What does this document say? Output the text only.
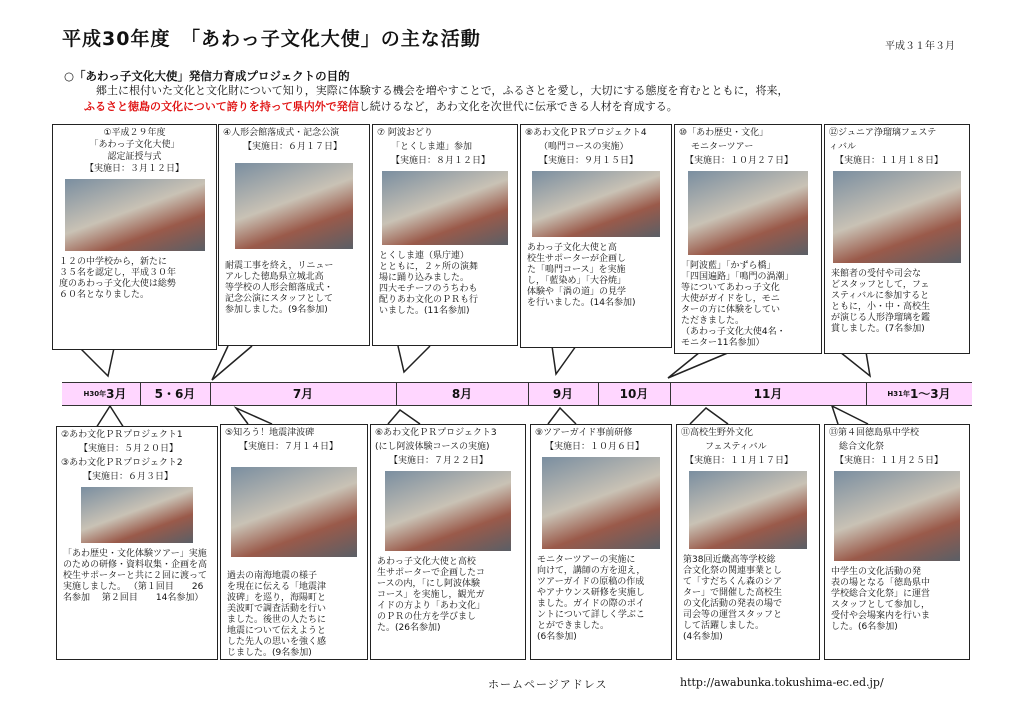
平成30年度　「あわっ子文化大使」の主な活動	平成３１年３月
○「あわっ子文化大使」発信力育成プロジェクトの目的
郷土に根付いた文化と文化財について知り，実際に体験する機会を増やすことで，ふるさとを愛し，大切にする態度を育むとともに，将来，
ふるさと徳島の文化について誇りを持って県内外で発信し続けるなど，あわ文化を次世代に伝承できる人材を育成する。
①平成２９年度
「あわっ子文化大使」
認定証授与式
【実施日：３月１２日】
１２の中学校から，新たに
３５名を認定し，平成３０年
度のあわっ子文化大使は総勢
６０名となりました。
④人形会館落成式・記念公演
【実施日：６月１７日】
耐震工事を終え，リニュー
アルした徳島県立城北高
等学校の人形会館落成式・
記念公演にスタッフとして
参加しました。(9名参加)
⑦ 阿波おどり
「とくしま連」参加
【実施日：８月１２日】
とくしま連（県庁連）
とともに，２ヶ所の演舞
場に踊り込みました。
四大モチーフのうちわも
配りあわ文化のＰＲも行
いました。(11名参加)
⑧あわ文化ＰＲプロジェクト4
（鳴門コースの実施）
【実施日：９月１５日】
あわっ子文化大使と高
校生サポーターが企画し
た「鳴門コース」を実施
し，「藍染め」「大谷焼」
体験や「渦の道」の見学
を行いました。(14名参加)
⑩「あわ歴史・文化」
モニターツアー
【実施日：１０月２７日】
「阿波藍」「かずら橋」
「四国遍路」「鳴門の渦潮」
等についてあわっ子文化
大使がガイドをし，モニ
ターの方に体験をしてい
ただきました。
（あわっ子文化大使4名・
モニター11名参加）
⑫ジュニア浄瑠璃フェステ
ィバル
【実施日：１１月１８日】
来館者の受付や司会な
どスタッフとして，フェ
スティバルに参加すると
ともに，小・中・高校生
が演じる人形浄瑠璃を鑑
賞しました。(7名参加)
$^{H30年}$3月	5・6月	7月	8月	9月	10月	11月	$^{H31年}$1～3月
②あわ文化ＰＲプロジェクト1
【実施日：５月２０日】
③あわ文化ＰＲプロジェクト2
【実施日：６月３日】
「あわ歴史・文化体験ツアー」実施のための研修・資料収集・企画を高校生サポーターと共に２回に渡って実施しました。 （第１回目　　26名参加 　第２回目　　14名参加）
⑤知ろう！地震津波碑
【実施日：７月１４日】
過去の南海地震の様子
を現在に伝える「地震津
波碑」を巡り，海陽町と
美波町で調査活動を行い
ました。後世の人たちに
地震について伝えようと
した先人の思いを強く感
じました。(9名参加)
⑥あわ文化ＰＲプロジェクト3
(にし阿波体験コースの実施)
【実施日：７月２２日】
あわっ子文化大使と高校
生サポーターで企画したコ
ースの内，「にし阿波体験
コース」を実施し，観光ガ
イドの方より「あわ文化」
のＰＲの仕方を学びまし
た。(26名参加)
⑨ツアーガイド事前研修
【実施日：１０月６日】
モニターツアーの実施に
向けて，講師の方を迎え，
ツアーガイドの原稿の作成
やアナウンス研修を実施し
ました。ガイドの際のポイ
ントについて詳しく学ぶこ
とができました。
(6名参加)
⑪高校生野外文化
フェスティバル
【実施日：１１月１７日】
第38回近畿高等学校総
合文化祭の関連事業とし
て「すだちくん森のシア
ター」で開催した高校生
の文化活動の発表の場で
司会等の運営スタッフと
して活躍しました。
(4名参加)
⑬第４回徳島県中学校
総合文化祭
【実施日：１１月２５日】
中学生の文化活動の発
表の場となる「徳島県中
学校総合文化祭」に運営
スタッフとして参加し，
受付や会場案内を行いま
した。(6名参加)
ホームページアドレス	http://awabunka.tokushima-ec.ed.jp/
